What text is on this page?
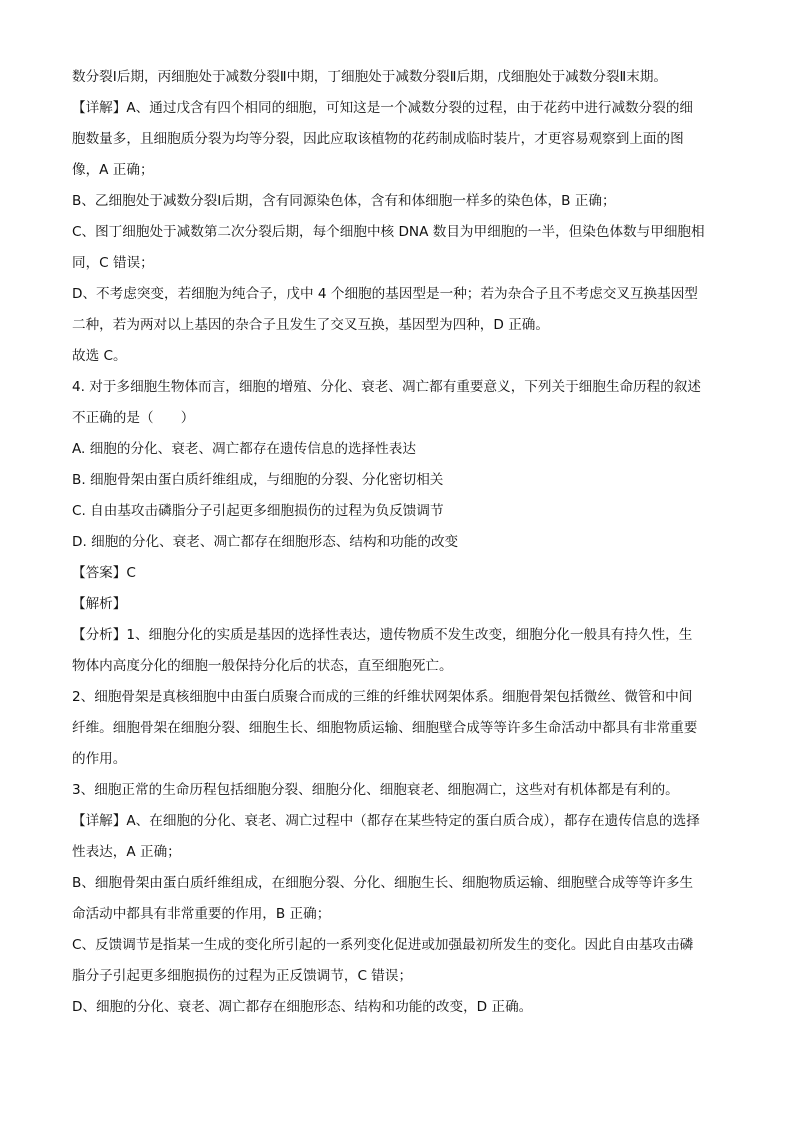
数分裂Ⅰ后期，丙细胞处于减数分裂Ⅱ中期，丁细胞处于减数分裂Ⅱ后期，戊细胞处于减数分裂Ⅱ末期。
【详解】A、通过戊含有四个相同的细胞，可知这是一个减数分裂的过程，由于花药中进行减数分裂的细
胞数量多，且细胞质分裂为均等分裂，因此应取该植物的花药制成临时装片，才更容易观察到上面的图
像，A 正确；
B、乙细胞处于减数分裂Ⅰ后期，含有同源染色体，含有和体细胞一样多的染色体，B 正确；
C、图丁细胞处于减数第二次分裂后期，每个细胞中核 DNA 数目为甲细胞的一半，但染色体数与甲细胞相
同，C 错误；
D、不考虑突变，若细胞为纯合子，戊中 4 个细胞的基因型是一种；若为杂合子且不考虑交叉互换基因型
二种，若为两对以上基因的杂合子且发生了交叉互换，基因型为四种，D 正确。
故选 C。
4. 对于多细胞生物体而言，细胞的增殖、分化、衰老、凋亡都有重要意义，下列关于细胞生命历程的叙述
不正确的是（　　）
A. 细胞的分化、衰老、凋亡都存在遗传信息的选择性表达
B. 细胞骨架由蛋白质纤维组成，与细胞的分裂、分化密切相关
C. 自由基攻击磷脂分子引起更多细胞损伤的过程为负反馈调节
D. 细胞的分化、衰老、凋亡都存在细胞形态、结构和功能的改变
【答案】C
【解析】
【分析】1、细胞分化的实质是基因的选择性表达，遗传物质不发生改变，细胞分化一般具有持久性，生
物体内高度分化的细胞一般保持分化后的状态，直至细胞死亡。
2、细胞骨架是真核细胞中由蛋白质聚合而成的三维的纤维状网架体系。细胞骨架包括微丝、微管和中间
纤维。细胞骨架在细胞分裂、细胞生长、细胞物质运输、细胞壁合成等等许多生命活动中都具有非常重要
的作用。
3、细胞正常的生命历程包括细胞分裂、细胞分化、细胞衰老、细胞凋亡，这些对有机体都是有利的。
【详解】A、在细胞的分化、衰老、凋亡过程中（都存在某些特定的蛋白质合成），都存在遗传信息的选择
性表达，A 正确；
B、细胞骨架由蛋白质纤维组成，在细胞分裂、分化、细胞生长、细胞物质运输、细胞壁合成等等许多生
命活动中都具有非常重要的作用，B 正确；
C、反馈调节是指某一生成的变化所引起的一系列变化促进或加强最初所发生的变化。因此自由基攻击磷
脂分子引起更多细胞损伤的过程为正反馈调节，C 错误；
D、细胞的分化、衰老、凋亡都存在细胞形态、结构和功能的改变，D 正确。
